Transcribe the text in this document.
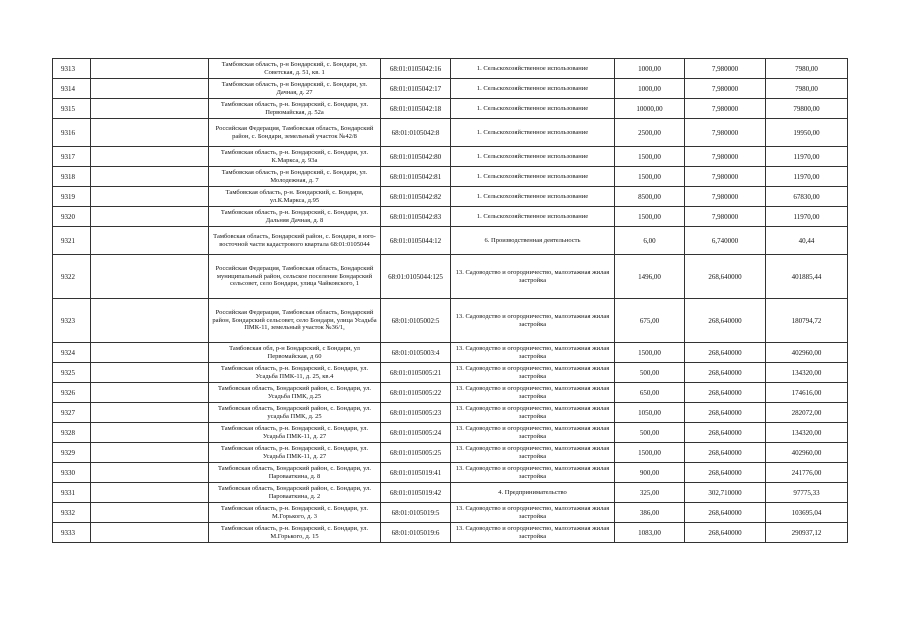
9313		Тамбовская область, р-н Бондарский, с. Бондари, ул. Советская, д. 51, кв. 1	68:01:0105042:16	1. Сельскохозяйственное использование	1000,00	7,980000	7980,00
9314		Тамбовская область, р-н Бондарский, с. Бондари, ул. Дачная, д. 27	68:01:0105042:17	1. Сельскохозяйственное использование	1000,00	7,980000	7980,00
9315		Тамбовская область, р-н. Бондарский, с. Бондари, ул. Первомайская, д. 52а	68:01:0105042:18	1. Сельскохозяйственное использование	10000,00	7,980000	79800,00
9316		Российская Федерация, Тамбовская область, Бондарский район, с. Бондари, земельный участок №42/8	68:01:0105042:8	1. Сельскохозяйственное использование	2500,00	7,980000	19950,00
9317		Тамбовская область, р-н. Бондарский, с. Бондари, ул. К.Маркса, д. 93а	68:01:0105042:80	1. Сельскохозяйственное использование	1500,00	7,980000	11970,00
9318		Тамбовская область, р-н Бондарский, с. Бондари, ул. Молодежная, д. 7	68:01:0105042:81	1. Сельскохозяйственное использование	1500,00	7,980000	11970,00
9319		Тамбовская область, р-н. Бондарский, с. Бондари, ул.К.Маркса, д.95	68:01:0105042:82	1. Сельскохозяйственное использование	8500,00	7,980000	67830,00
9320		Тамбовская область, р-н. Бондарский, с. Бондари, ул. Дальняя Дачная, д. 8	68:01:0105042:83	1. Сельскохозяйственное использование	1500,00	7,980000	11970,00
9321		Тамбовская область, Бондарский район, с. Бондари, в юго-восточной части кадастрового квартала 68:01:0105044	68:01:0105044:12	6. Производственная деятельность	6,00	6,740000	40,44
9322		Российская Федерация, Тамбовская область, Бондарский муниципальный район, сельское поселение Бондарский сельсовет, село Бондари, улица Чайковского, 1	68:01:0105044:125	13. Садоводство и огородничество, малоэтажная жилая застройка	1496,00	268,640000	401885,44
9323		Российская Федерация, Тамбовская область, Бондарский район, Бондарский сельсовет, село Бондари, улица Усадьба ПМК-11, земельный участок №36/1,	68:01:0105002:5	13. Садоводство и огородничество, малоэтажная жилая застройка	675,00	268,640000	180794,72
9324		Тамбовская обл, р-н Бондарский, с Бондари, ул Первомайская, д 60	68:01:0105003:4	13. Садоводство и огородничество, малоэтажная жилая застройка	1500,00	268,640000	402960,00
9325		Тамбовская область, р-н. Бондарский, с. Бондари, ул. Усадьба ПМК-11, д. 25, кв.4	68:01:0105005:21	13. Садоводство и огородничество, малоэтажная жилая застройка	500,00	268,640000	134320,00
9326		Тамбовская область, Бондарский район, с. Бондари, ул. Усадьба ПМК, д.25	68:01:0105005:22	13. Садоводство и огородничество, малоэтажная жилая застройка	650,00	268,640000	174616,00
9327		Тамбовская область, Бондарский район, с. Бондари, ул. усадьба ПМК, д. 25	68:01:0105005:23	13. Садоводство и огородничество, малоэтажная жилая застройка	1050,00	268,640000	282072,00
9328		Тамбовская область, р-н. Бондарский, с. Бондари, ул. Усадьба ПМК-11, д. 27	68:01:0105005:24	13. Садоводство и огородничество, малоэтажная жилая застройка	500,00	268,640000	134320,00
9329		Тамбовская область, р-н. Бондарский, с. Бондари, ул. Усадьба ПМК-11, д. 27	68:01:0105005:25	13. Садоводство и огородничество, малоэтажная жилая застройка	1500,00	268,640000	402960,00
9330		Тамбовская область, Бондарский район, с. Бондари, ул. Паровааткина, д. 8	68:01:0105019:41	13. Садоводство и огородничество, малоэтажная жилая застройка	900,00	268,640000	241776,00
9331		Тамбовская область, Бондарский район, с. Бондари, ул. Паровааткина, д. 2	68:01:0105019:42	4. Предпринимательство	325,00	302,710000	97775,33
9332		Тамбовская область, р-н. Бондарский, с. Бондари, ул. М.Горького, д. 3	68:01:0105019:5	13. Садоводство и огородничество, малоэтажная жилая застройка	386,00	268,640000	103695,04
9333		Тамбовская область, р-н. Бондарский, с. Бондари, ул. М.Горького, д. 15	68:01:0105019:6	13. Садоводство и огородничество, малоэтажная жилая застройка	1083,00	268,640000	290937,12
